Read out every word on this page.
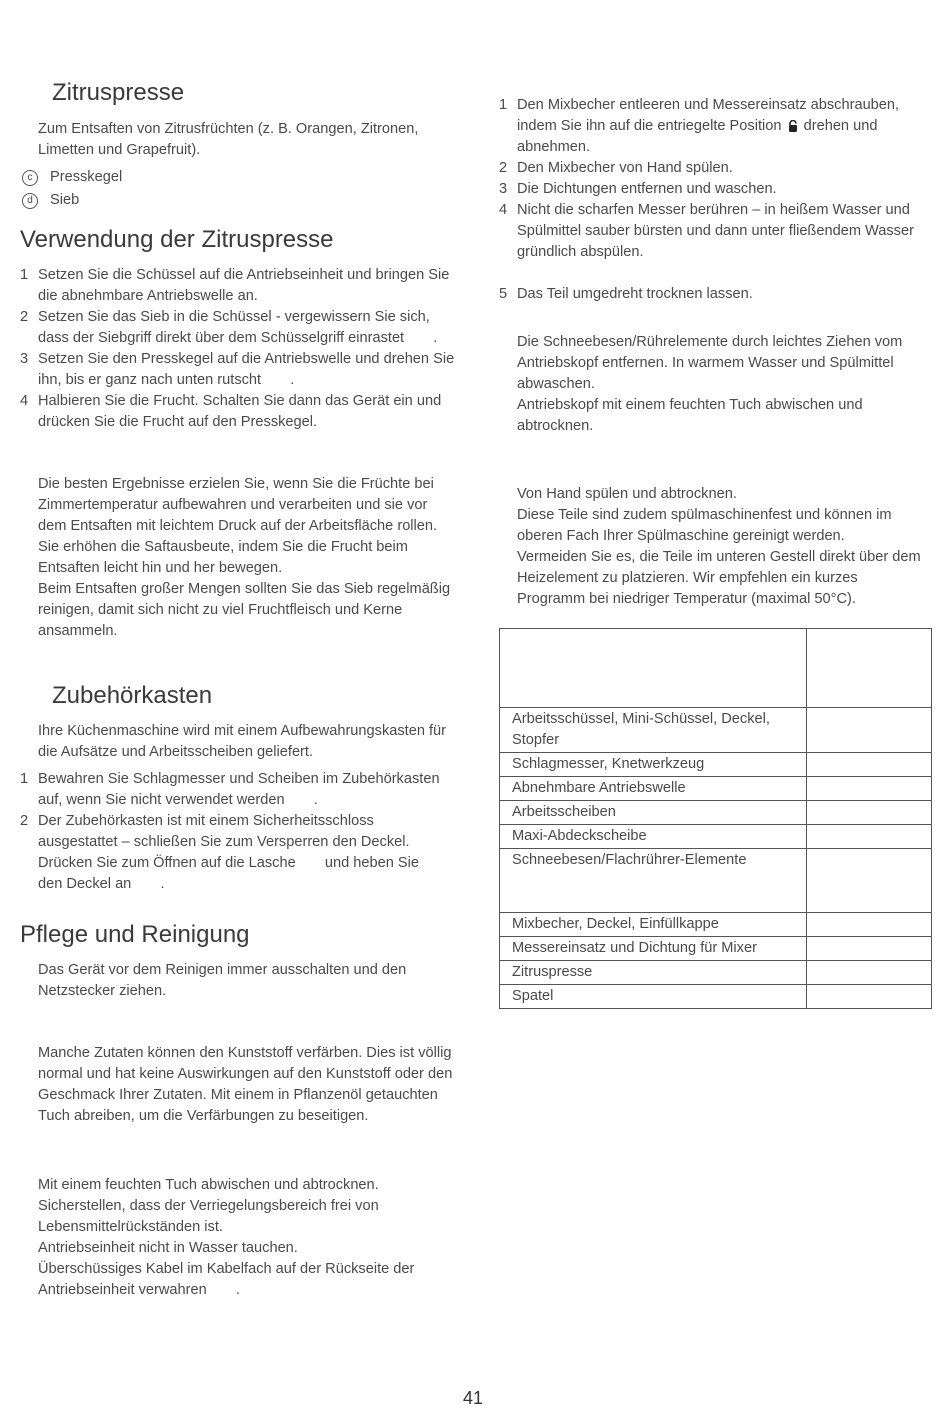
Zitruspresse

Zum Entsaften von Zitrusfrüchten (z. B. Orangen, Zitronen, Limetten und Grapefruit).

c Presskegel
d Sieb
Verwendung der Zitruspresse
1 Setzen Sie die Schüssel auf die Antriebseinheit und bringen Sie die abnehmbare Antriebswelle an.
2 Setzen Sie das Sieb in die Schüssel - vergewissern Sie sich, dass der Siebgriff direkt über dem Schüsselgriff einrastet  .
3 Setzen Sie den Presskegel auf die Antriebswelle und drehen Sie ihn, bis er ganz nach unten rutscht  .
4 Halbieren Sie die Frucht. Schalten Sie dann das Gerät ein und drücken Sie die Frucht auf den Presskegel.

Die besten Ergebnisse erzielen Sie, wenn Sie die Früchte bei Zimmertemperatur aufbewahren und verarbeiten und sie vor dem Entsaften mit leichtem Druck auf der Arbeitsfläche rollen.

Sie erhöhen die Saftausbeute, indem Sie die Frucht beim Entsaften leicht hin und her bewegen.

Beim Entsaften großer Mengen sollten Sie das Sieb regelmäßig reinigen, damit sich nicht zu viel Fruchtfleisch und Kerne ansammeln.

Zubehörkasten

Ihre Küchenmaschine wird mit einem Aufbewahrungskasten für die Aufsätze und Arbeitsscheiben geliefert.

1 Bewahren Sie Schlagmesser und Scheiben im Zubehörkasten auf, wenn Sie nicht verwendet werden  .
2 Der Zubehörkasten ist mit einem Sicherheitsschloss ausgestattet – schließen Sie zum Versperren den Deckel. Drücken Sie zum Öffnen auf die Lasche  und heben Sie den Deckel an  .
Pflege und Reinigung

Das Gerät vor dem Reinigen immer ausschalten und den Netzstecker ziehen.

Manche Zutaten können den Kunststoff verfärben. Dies ist völlig normal und hat keine Auswirkungen auf den Kunststoff oder den Geschmack Ihrer Zutaten. Mit einem in Pflanzenöl getauchten Tuch abreiben, um die Verfärbungen zu beseitigen.

Mit einem feuchten Tuch abwischen und abtrocknen.

Sicherstellen, dass der Verriegelungsbereich frei von Lebensmittelrückständen ist.

Antriebseinheit nicht in Wasser tauchen.

Überschüssiges Kabel im Kabelfach auf der Rückseite der Antriebseinheit verwahren  .

1 Den Mixbecher entleeren und Messereinsatz abschrauben, indem Sie ihn auf die entriegelte Position drehen und abnehmen.
2 Den Mixbecher von Hand spülen.
3 Die Dichtungen entfernen und waschen.
4 Nicht die scharfen Messer berühren – in heißem Wasser und Spülmittel sauber bürsten und dann unter fließendem Wasser gründlich abspülen.
5 Das Teil umgedreht trocknen lassen.

Die Schneebesen/Rührelemente durch leichtes Ziehen vom Antriebskopf entfernen. In warmem Wasser und Spülmittel abwaschen.

Antriebskopf mit einem feuchten Tuch abwischen und abtrocknen.

Von Hand spülen und abtrocknen.

Diese Teile sind zudem spülmaschinenfest und können im oberen Fach Ihrer Spülmaschine gereinigt werden.

Vermeiden Sie es, die Teile im unteren Gestell direkt über dem Heizelement zu platzieren. Wir empfehlen ein kurzes Programm bei niedriger Temperatur (maximal 50°C).

Arbeitsschüssel, Mini-Schüssel, Deckel, Stopfer	
Schlagmesser, Knetwerkzeug	
Abnehmbare Antriebswelle	
Arbeitsscheiben	
Maxi-Abdeckscheibe	
Schneebesen/Flachrührer-Elemente	
Mixbecher, Deckel, Einfüllkappe	
Messereinsatz und Dichtung für Mixer	
Zitruspresse	
Spatel	
41
